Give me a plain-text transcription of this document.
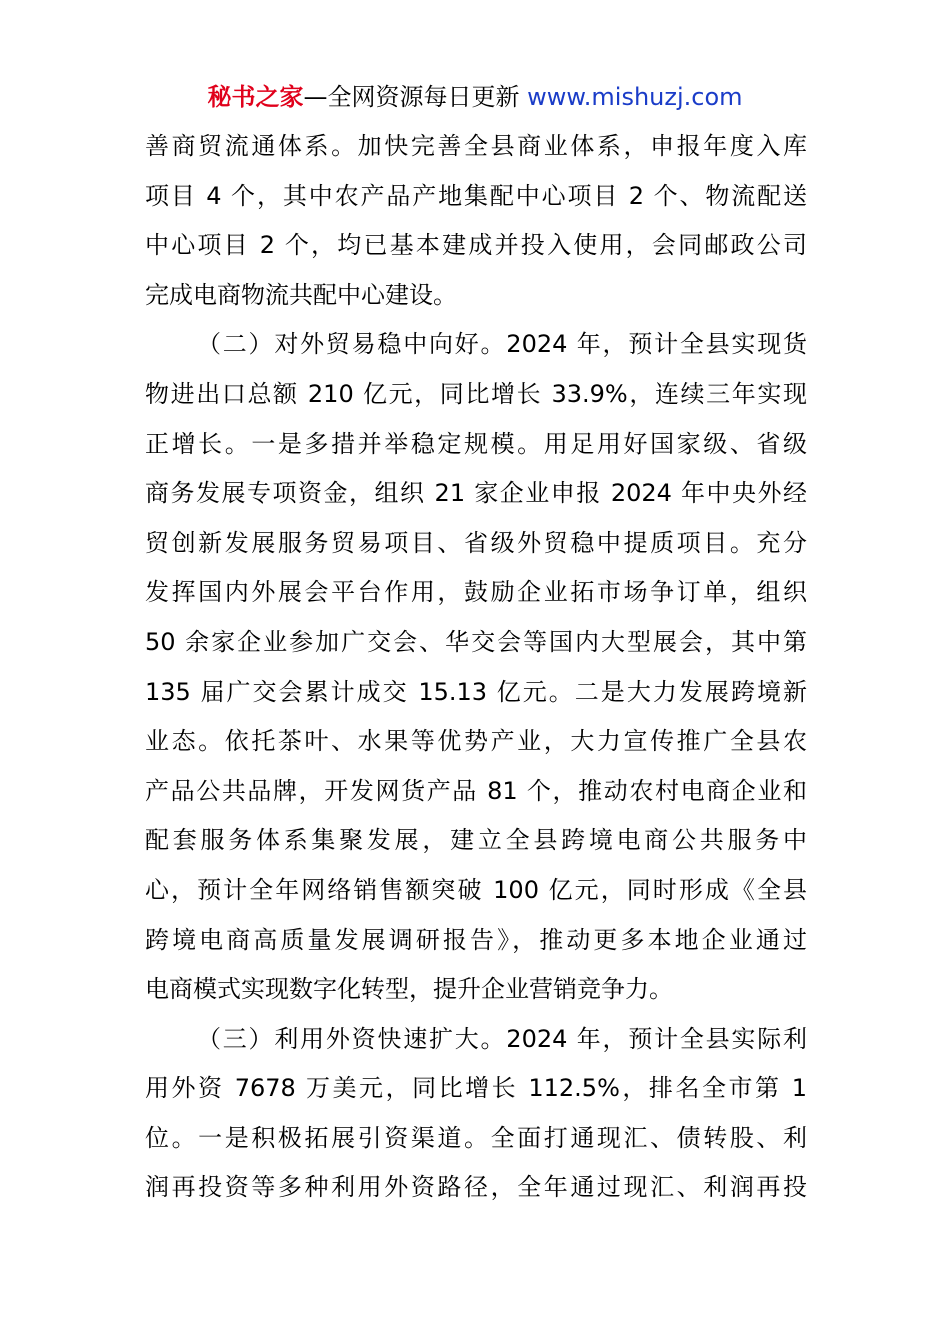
秘书之家—全网资源每日更新 www.mishuzj.com
善商贸流通体系。加快完善全县商业体系，申报年度入库
项目 4 个，其中农产品产地集配中心项目 2 个、物流配送
中心项目 2 个，均已基本建成并投入使用，会同邮政公司
完成电商物流共配中心建设。
（二）对外贸易稳中向好。2024 年，预计全县实现货
物进出口总额 210 亿元，同比增长 33.9%，连续三年实现
正增长。一是多措并举稳定规模。用足用好国家级、省级
商务发展专项资金，组织 21 家企业申报 2024 年中央外经
贸创新发展服务贸易项目、省级外贸稳中提质项目。充分
发挥国内外展会平台作用，鼓励企业拓市场争订单，组织
50 余家企业参加广交会、华交会等国内大型展会，其中第
135 届广交会累计成交 15.13 亿元。二是大力发展跨境新
业态。依托茶叶、水果等优势产业，大力宣传推广全县农
产品公共品牌，开发网货产品 81 个，推动农村电商企业和
配套服务体系集聚发展，建立全县跨境电商公共服务中
心，预计全年网络销售额突破 100 亿元，同时形成《全县
跨境电商高质量发展调研报告》，推动更多本地企业通过
电商模式实现数字化转型，提升企业营销竞争力。
（三）利用外资快速扩大。2024 年，预计全县实际利
用外资 7678 万美元，同比增长 112.5%，排名全市第 1
位。一是积极拓展引资渠道。全面打通现汇、债转股、利
润再投资等多种利用外资路径，全年通过现汇、利润再投
